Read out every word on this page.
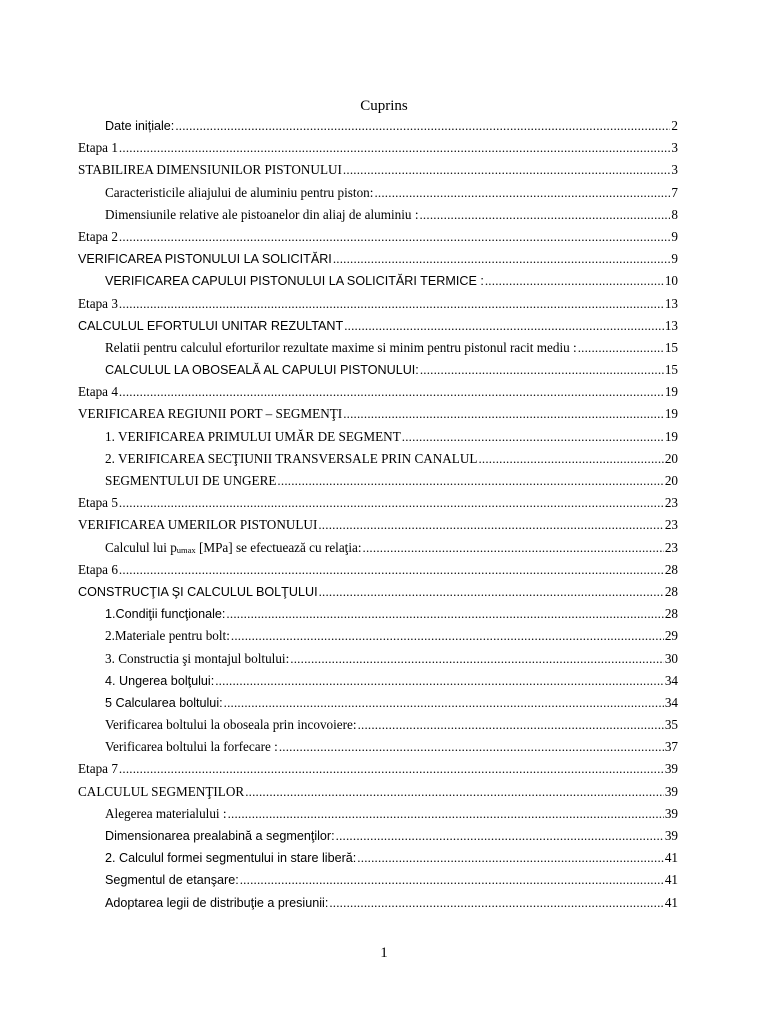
Cuprins
Date inițiale: .....	2
Etapa 1 .....	3
STABILIREA DIMENSIUNILOR PISTONULUI .....	3
Caracteristicile aliajului de aluminiu pentru piston: .....	7
Dimensiunile relative ale pistoanelor din aliaj de aluminiu : .....	8
Etapa 2 .....	9
VERIFICAREA PISTONULUI LA SOLICITĂRI .....	9
VERIFICAREA CAPULUI PISTONULUI LA SOLICITĂRI TERMICE : .....	10
Etapa 3 .....	13
CALCULUL EFORTULUI UNITAR REZULTANT .....	13
Relatii pentru calculul eforturilor rezultate maxime si minim pentru pistonul racit mediu : .....	15
CALCULUL LA OBOSEALĂ AL CAPULUI PISTONULUI: .....	15
Etapa 4 .....	19
VERIFICAREA REGIUNII PORT – SEGMENŢI .....	19
1. VERIFICAREA PRIMULUI UMĂR DE SEGMENT .....	19
2. VERIFICAREA SECŢIUNII TRANSVERSALE PRIN CANALUL .....	20
SEGMENTULUI DE UNGERE .....	20
Etapa 5 .....	23
VERIFICAREA UMERILOR PISTONULUI .....	23
Calculul lui pumax [MPa] se efectuează cu relaţia: .....	23
Etapa 6 .....	28
CONSTRUCŢIA ŞI CALCULUL BOLŢULUI .....	28
1.Condiţii funcţionale: .....	28
2.Materiale pentru bolt: .....	29
3. Constructia şi montajul boltului: .....	30
4. Ungerea bolţului: .....	34
5 Calcularea boltului: .....	34
Verificarea boltului la oboseala prin incovoiere: .....	35
Verificarea boltului la forfecare : .....	37
Etapa 7 .....	39
CALCULUL SEGMENŢILOR .....	39
Alegerea materialului : .....	39
Dimensionarea prealabină a segmenţilor: .....	39
2. Calculul formei segmentului in stare liberă: .....	41
Segmentul de etanşare: .....	41
Adoptarea legii de distribuţie a presiunii: .....	41
1
